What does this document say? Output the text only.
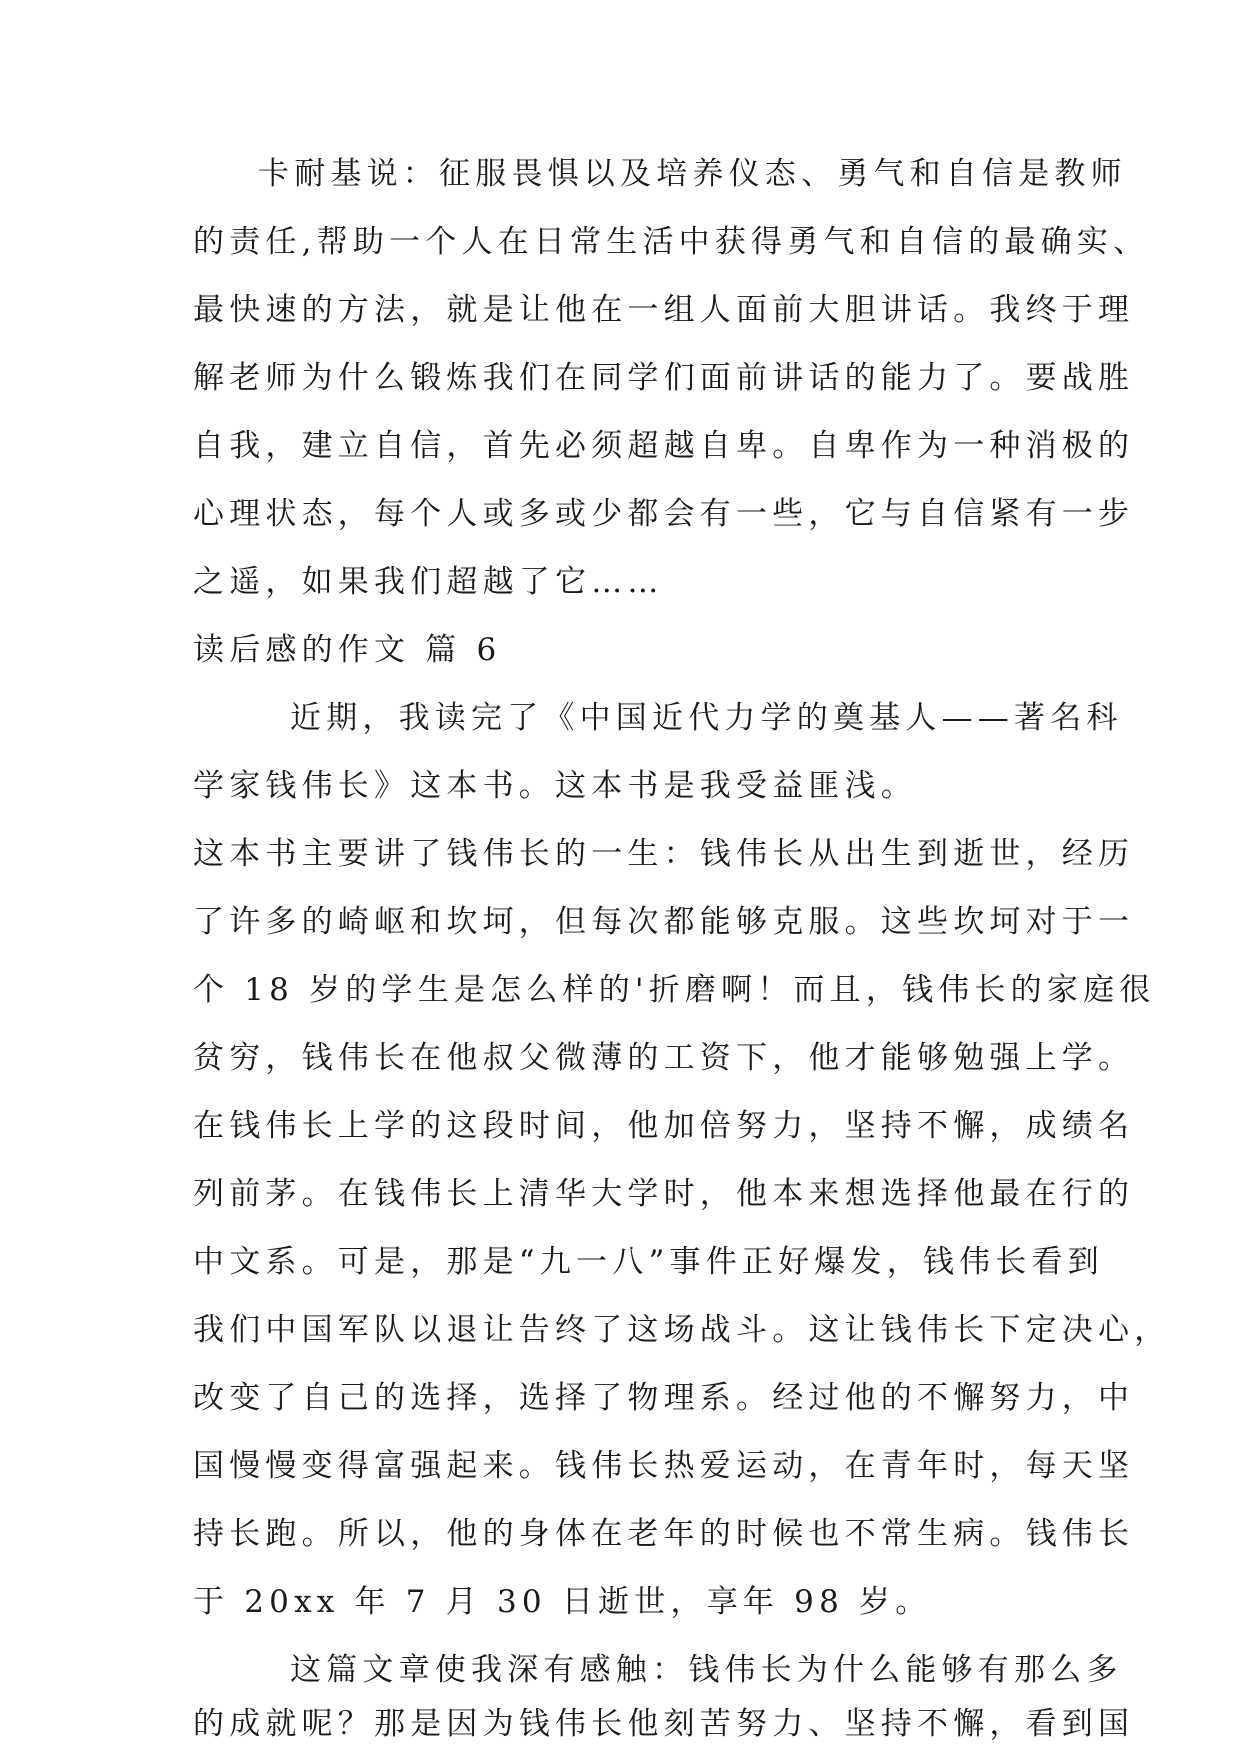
卡耐基说：征服畏惧以及培养仪态、勇气和自信是教师
的责任,帮助一个人在日常生活中获得勇气和自信的最确实、
最快速的方法，就是让他在一组人面前大胆讲话。我终于理
解老师为什么锻炼我们在同学们面前讲话的能力了。要战胜
自我，建立自信，首先必须超越自卑。自卑作为一种消极的
心理状态，每个人或多或少都会有一些，它与自信紧有一步
之遥，如果我们超越了它……
读后感的作文 篇 6
近期，我读完了《中国近代力学的奠基人——著名科
学家钱伟长》这本书。这本书是我受益匪浅。
这本书主要讲了钱伟长的一生：钱伟长从出生到逝世，经历
了许多的崎岖和坎坷，但每次都能够克服。这些坎坷对于一
个 18 岁的学生是怎么样的'折磨啊！而且，钱伟长的家庭很
贫穷，钱伟长在他叔父微薄的工资下，他才能够勉强上学。
在钱伟长上学的这段时间，他加倍努力，坚持不懈，成绩名
列前茅。在钱伟长上清华大学时，他本来想选择他最在行的
中文系。可是，那是“九一八”事件正好爆发，钱伟长看到
我们中国军队以退让告终了这场战斗。这让钱伟长下定决心，
改变了自己的选择，选择了物理系。经过他的不懈努力，中
国慢慢变得富强起来。钱伟长热爱运动，在青年时，每天坚
持长跑。所以，他的身体在老年的时候也不常生病。钱伟长
于 20xx 年 7 月 30 日逝世，享年 98 岁。
这篇文章使我深有感触：钱伟长为什么能够有那么多
的成就呢？那是因为钱伟长他刻苦努力、坚持不懈，看到国
